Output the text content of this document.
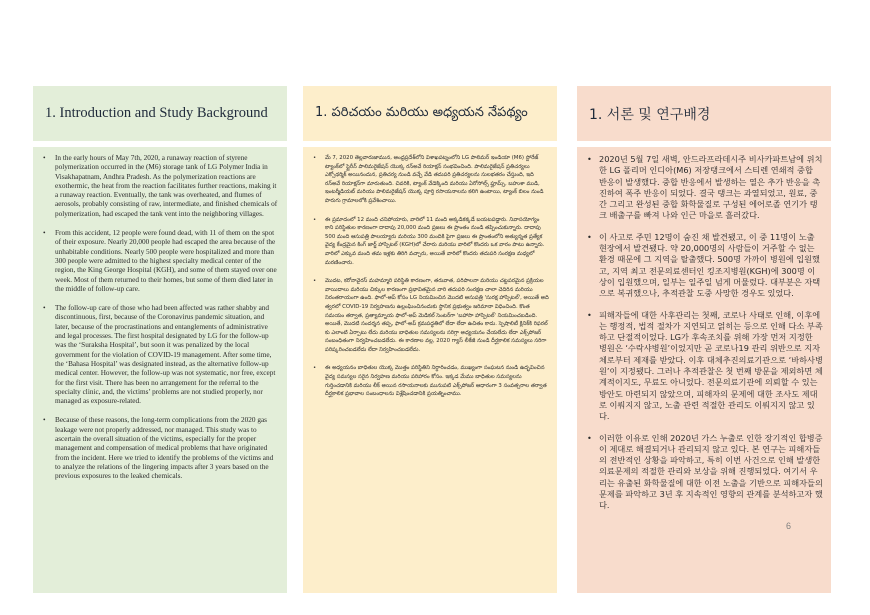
1. Introduction and Study Background
• In the early hours of May 7th, 2020, a runaway reaction of styrene polymerization occurred in the (M6) storage tank of LG Polymer India in Visakhapatnam, Andhra Pradesh. As the polymerization reactions are exothermic, the heat from the reaction facilitates further reactions, making it a runaway reaction. Eventually, the tank was overheated, and flumes of aerosols, probably consisting of raw, intermediate, and finished chemicals of polymerization, had escaped the tank vent into the neighboring villages.
• From this accident, 12 people were found dead, with 11 of them on the spot of their exposure. Nearly 20,000 people had escaped the area because of the unhabitable conditions. Nearly 500 people were hospitalized and more than 300 people were admitted to the highest specialty medical center of the region, the King George Hospital (KGH), and some of them stayed over one week. Most of them returned to their homes, but some of them died later in the middle of follow-up care.
• The follow-up care of those who had been affected was rather shabby and discontinuous, first, because of the Coronavirus pandemic situation, and later, because of the procrastinations and entanglements of administrative and legal processes. The first hospital designated by LG for the follow-up was the ‘Suraksha Hospital’, but soon it was penalized by the local government for the violation of COVID-19 management. After some time, the ‘Bahasa Hospital’ was designated instead, as the alternative follow-up medical center. However, the follow-up was not systematic, nor free, except for the first visit. There has been no arrangement for the referral to the specialty clinic, and, the victims’ problems are not studied properly, nor managed as exposure-related.
• Because of these reasons, the long-term complications from the 2020 gas leakage were not properly addressed, nor managed. This study was to ascertain the overall situation of the victims, especially for the proper management and compensation of medical problems that have originated from the incident. Here we tried to identify the problems of the victims and to analyze the relations of the lingering impacts after 3 years based on the previous exposures to the leaked chemicals.
1. పరిచయం మరియు అధ్యయన నేపథ్యం
• మే 7, 2020 తెల్లవారుజామున, ఆంధ్రప్రదేశ్‌లోని విశాఖపట్నంలోని LG పాలిమర్ ఇండియా (M6) స్టోరేజ్ ట్యాంక్‌లో స్టైరీన్ పాలిమరైజేషన్ యొక్క రన్‌అవే రియాక్షన్ సంభవించింది. పాలిమరైజేషన్ ప్రతిచర్యలు ఎక్సోథర్మిక్ అయినందున, ప్రతిచర్య నుండి వచ్చే వేడి తదుపరి ప్రతిచర్యలను సులభతరం చేస్తుంది, ఇది రన్‌అవే రియాక్షన్‌గా మారుతుంది. చివరికి, ట్యాంక్ వేడెక్కింది మరియు ఏరోసోల్స్ ఫ్లూమ్స్, బహుశా ముడి, ఇంటర్మీడియట్ మరియు పాలిమరైజేషన్ యొక్క పూర్తి రసాయనాలను కలిగి ఉంటాయి, ట్యాంక్ బిలం నుండి పొరుగు గ్రామాలలోకి ప్రవేశించాయి.
• ఈ ప్రమాదంలో 12 మంది చనిపోయారు, వారిలో 11 మంది అక్కడికక్కడే బయటపడ్డారు. నివాసయోగ్యం కాని పరిస్థితుల కారణంగా దాదాపు 20,000 మంది ప్రజలు ఈ ప్రాంతం నుండి తప్పించుకున్నారు. దాదాపు 500 మంది ఆసుపత్రి పాలయ్యారు మరియు 300 మందికి పైగా ప్రజలు ఈ ప్రాంతంలోని అత్యున్నత ప్రత్యేక వైద్య కేంద్రమైన కింగ్ జార్జ్ హాస్పిటల్ (KGH)లో చేరారు మరియు వారిలో కొందరు ఒక వారం పాటు ఉన్నారు. వారిలో ఎక్కువ మంది తమ ఇళ్లకు తిరిగి వచ్చారు, అయితే వారిలో కొందరు తదుపరి సంరక్షణ మధ్యలో మరణించారు.
• మొదట, కరోనావైరస్ మహమ్మారి పరిస్థితి కారణంగా, తరువాత, పరిపాలనా మరియు చట్టపరమైన ప్రక్రియల వాయిదాలు మరియు చిక్కుల కారణంగా ప్రభావితమైన వారి తదుపరి సంరక్షణ చాలా చెదిరిన మరియు నిరంతరాయంగా ఉంది. ఫాలో-అప్ కోసం LG నియమించిన మొదటి ఆసుపత్రి 'సురక్ష హాస్పిటల్', అయితే అది త్వరలో COVID-19 నిర్వహణను ఉల్లంఘించినందుకు స్థానిక ప్రభుత్వం జరిమానా విధించింది. కొంత సమయం తర్వాత, ప్రత్యామ్నాయ ఫాలో-అప్ మెడికల్ సెంటర్‌గా 'బహాసా హాస్పిటల్' నియమించబడింది. అయితే, మొదటి సందర్శన తప్ప, ఫాలో-అప్ క్రమపద్ధతిలో లేదా లేదా ఉచితం కాదు. స్పెషాలిటీ క్లినిక్‌కి రిఫరల్ కు ఎలాంటి ఏర్పాటు లేదు మరియు బాధితుల సమస్యలను సరిగ్గా అధ్యయనం చేయలేదు లేదా ఎక్స్‌పోజర్ సంబంధితంగా నిర్వహించబడలేదు. ఈ కారణాల వల్ల, 2020 గ్యాస్ లీకేజీ నుండి దీర్ఘకాలిక సమస్యలు సరిగా పరిష్కరించబడలేదు లేదా నిర్వహించబడలేదు.
• ఈ అధ్యయనం బాధితుల యొక్క మొత్తం పరిస్థితిని నిర్ధారించడం, ముఖ్యంగా సంఘటన నుండి ఉద్భవించిన వైద్య సమస్యల సరైన నిర్వహణ మరియు పరిహారం కోసం. ఇక్కడ మేము బాధితుల సమస్యలను గుర్తించడానికి మరియు లీక్ అయిన రసాయనాలకు మునుపటి ఎక్స్‌పోజర్ ఆధారంగా 3 సంవత్సరాల తర్వాత దీర్ఘకాలిక ప్రభావాల సంబంధాలను విశ్లేషించడానికి ప్రయత్నించాము.
1. 서론 및 연구배경
• 2020년 5월 7일 새벽, 안드라프라데시주 비사카파트남에 위치한 LG 폴리머 인디아(M6) 저장탱크에서 스티렌 연쇄적 중합 반응이 발생했다. 중합 반응에서 발생하는 열은 추가 반응을 촉진하여 폭주 반응이 되었다. 결국 탱크는 과열되었고, 원료, 중간 그리고 완성된 중합 화학물질로 구성된 에어로졸 연기가 탱크 배출구를 빠져 나와 인근 마을로 흘러갔다.
• 이 사고로 주민 12명이 숨진 채 발견됐고, 이 중 11명이 노출 현장에서 발견됐다. 약 20,000명의 사람들이 거주할 수 없는 환경 때문에 그 지역을 탈출했다. 500명 가까이 병원에 입원했고, 지역 최고 전문의료센터인 킹조지병원(KGH)에 300명 이상이 입원했으며, 일부는 일주일 넘게 머물렀다. 대부분은 자택으로 복귀했으나, 추적관찰 도중 사망한 경우도 있었다.
• 피해자들에 대한 사후관리는 첫째, 코로나 사태로 인해, 이후에는 행정적, 법적 절차가 지연되고 얽히는 등으로 인해 다소 부족하고 단절적이었다. LG가 후속조치를 위해 가장 먼저 지정한 병원은 ‘수락샤병원’이었지만 곧 코로나19 관리 위반으로 지자체로부터 제재를 받았다. 이후 대체추진의료기관으로 ‘바하사병원’이 지정됐다. 그러나 추적관찰은 첫 번째 방문을 제외하면 체계적이지도, 무료도 아니었다. 전문의료기관에 의뢰할 수 있는 방안도 마련되지 않았으며, 피해자의 문제에 대한 조사도 제대로 이뤄지지 않고, 노출 관련 적절한 관리도 이뤄지지 않고 있다.
• 이러한 이유로 인해 2020년 가스 누출로 인한 장기적인 합병증이 제대로 해결되거나 관리되지 않고 있다. 본 연구는 피해자들의 전반적인 상황을 파악하고, 특히 이번 사건으로 인해 발생한 의료문제의 적절한 관리와 보상을 위해 진행되었다. 여기서 우리는 유출된 화학물질에 대한 이전 노출을 기반으로 피해자들의 문제를 파악하고 3년 후 지속적인 영향의 관계를 분석하고자 했다.
6
